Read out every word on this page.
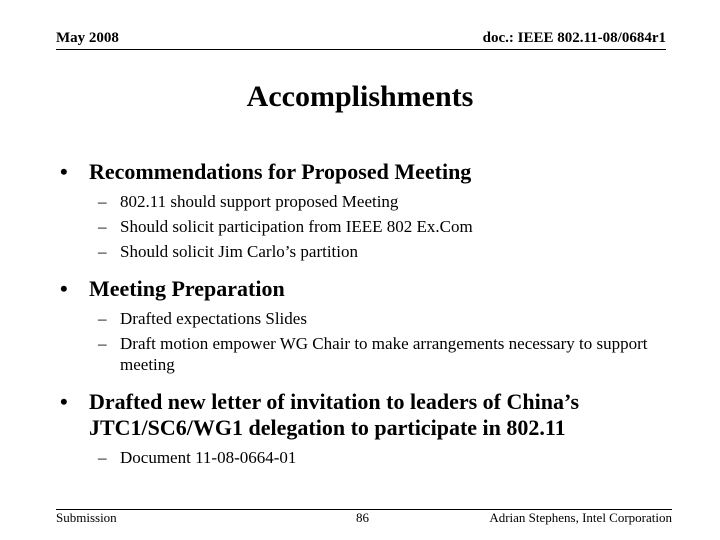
May 2008	doc.: IEEE 802.11-08/0684r1
Accomplishments
• Recommendations for Proposed Meeting
– 802.11 should support proposed Meeting
– Should solicit participation from IEEE 802 Ex.Com
– Should solicit Jim Carlo’s partition
• Meeting Preparation
– Drafted expectations Slides
– Draft motion empower WG Chair to make arrangements necessary to support meeting
• Drafted new letter of invitation to leaders of China’s JTC1/SC6/WG1 delegation to participate in 802.11
– Document 11-08-0664-01
Submission	86	Adrian Stephens, Intel Corporation
